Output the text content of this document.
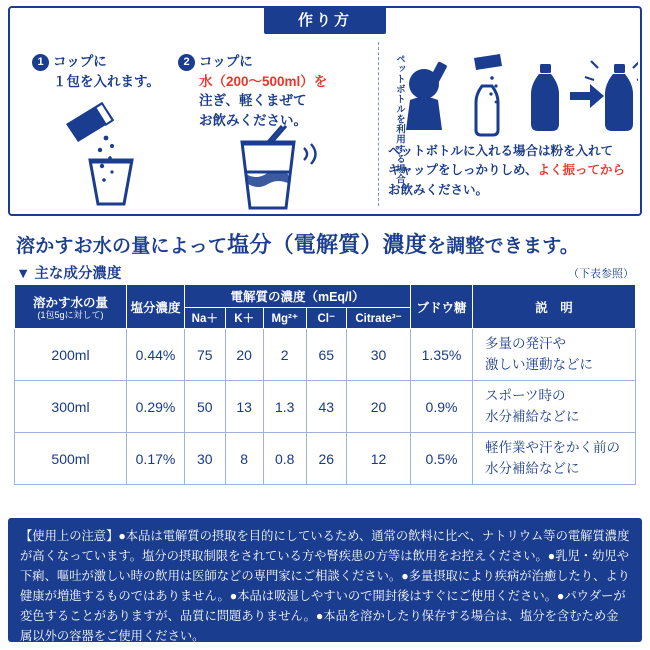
作り方
1 コップに
１包を入れます。
2 コップに
水（200〜500ml）を
注ぎ、軽くまぜて
お飲みください。	ペットボトルを利用する場合
ペットボトルに入れる場合は粉を入れて
キャップをしっかりしめ、よく振ってから
お飲みください。
溶かすお水の量によって塩分（電解質）濃度を調整できます。
▼ 主な成分濃度	（下表参照）
溶かす水の量
(1包5gに対して)	塩分濃度	電解質の濃度（mEq/l）					ブドウ糖	説　明
		Na＋	K＋	Mg²⁺	Cl⁻	Citrate³⁻		
200ml	0.44%	75	20	2	65	30	1.35%	多量の発汗や
激しい運動などに

300ml	0.29%	50	13	1.3	43	20	0.9%	スポーツ時の
水分補給などに

500ml	0.17%	30	8	0.8	26	12	0.5%	軽作業や汗をかく前の
水分補給などに
【使用上の注意】●本品は電解質の摂取を目的にしているため、通常の飲料に比べ、ナトリウム等の電解質濃度が高くなっています。塩分の摂取制限をされている方や腎疾患の方等は飲用をお控えください。●乳児・幼児や下痢、嘔吐が激しい時の飲用は医師などの専門家にご相談ください。●多量摂取により疾病が治癒したり、より健康が増進するものではありません。●本品は吸湿しやすいので開封後はすぐにご使用ください。●パウダーが変色することがありますが、品質に問題ありません。●本品を溶かしたり保存する場合は、塩分を含むため金属以外の容器をご使用ください。
